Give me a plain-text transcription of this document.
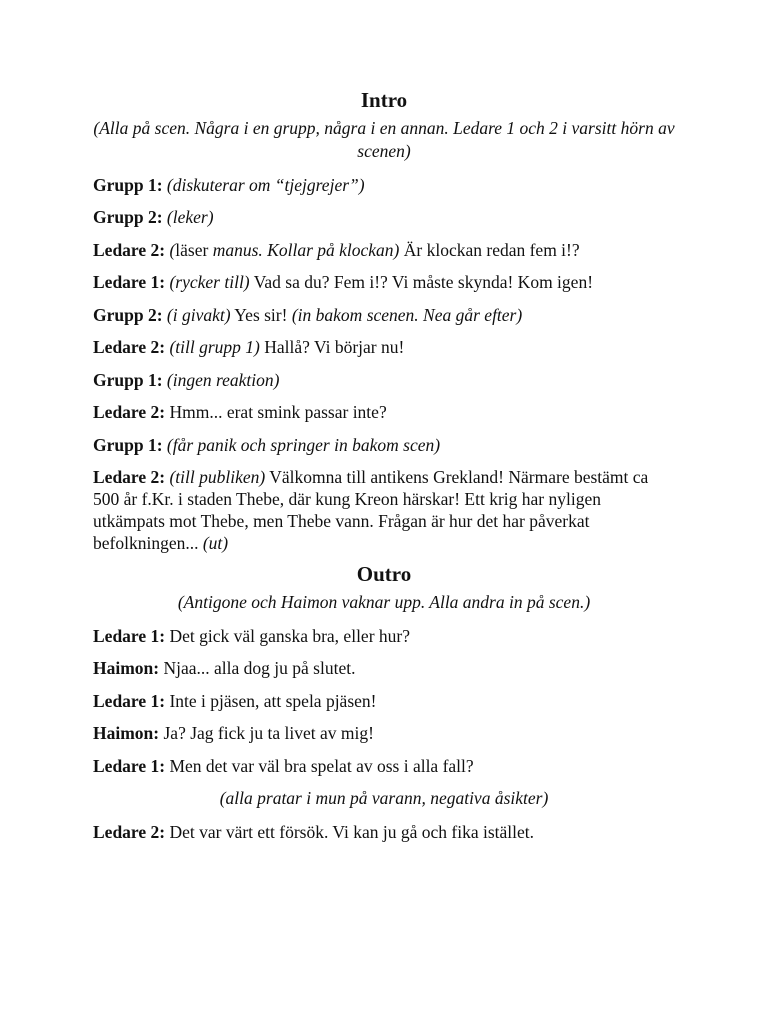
Intro

(Alla på scen. Några i en grupp, några i en annan. Ledare 1 och 2 i varsitt hörn av scenen)

Grupp 1: (diskuterar om “tjejgrejer”)

Grupp 2: (leker)

Ledare 2: (läser manus. Kollar på klockan) Är klockan redan fem i!?

Ledare 1: (rycker till) Vad sa du? Fem i!? Vi måste skynda! Kom igen!

Grupp 2: (i givakt) Yes sir! (in bakom scenen. Nea går efter)

Ledare 2: (till grupp 1) Hallå? Vi börjar nu!

Grupp 1: (ingen reaktion)

Ledare 2: Hmm... erat smink passar inte?

Grupp 1: (får panik och springer in bakom scen)

Ledare 2: (till publiken) Välkomna till antikens Grekland! Närmare bestämt ca 500 år f.Kr. i staden Thebe, där kung Kreon härskar! Ett krig har nyligen utkämpats mot Thebe, men Thebe vann. Frågan är hur det har påverkat befolkningen... (ut)

Outro

(Antigone och Haimon vaknar upp. Alla andra in på scen.)

Ledare 1: Det gick väl ganska bra, eller hur?

Haimon: Njaa... alla dog ju på slutet.

Ledare 1: Inte i pjäsen, att spela pjäsen!

Haimon: Ja? Jag fick ju ta livet av mig!

Ledare 1: Men det var väl bra spelat av oss i alla fall?

(alla pratar i mun på varann, negativa åsikter)

Ledare 2: Det var värt ett försök. Vi kan ju gå och fika istället.
